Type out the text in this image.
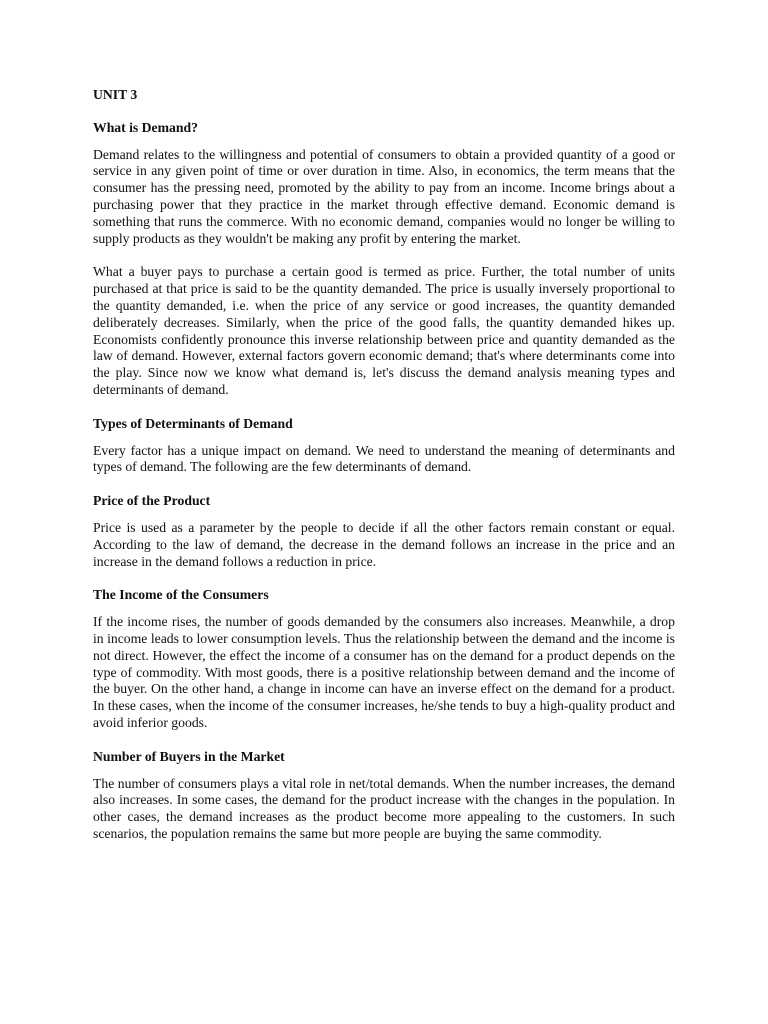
UNIT 3
What is Demand?

Demand relates to the willingness and potential of consumers to obtain a provided quantity of a good or service in any given point of time or over duration in time. Also, in economics, the term means that the consumer has the pressing need, promoted by the ability to pay from an income. Income brings about a purchasing power that they practice in the market through effective demand. Economic demand is something that runs the commerce. With no economic demand, companies would no longer be willing to supply products as they wouldn't be making any profit by entering the market.

What a buyer pays to purchase a certain good is termed as price. Further, the total number of units purchased at that price is said to be the quantity demanded. The price is usually inversely proportional to the quantity demanded, i.e. when the price of any service or good increases, the quantity demanded deliberately decreases. Similarly, when the price of the good falls, the quantity demanded hikes up. Economists confidently pronounce this inverse relationship between price and quantity demanded as the law of demand. However, external factors govern economic demand; that's where determinants come into the play. Since now we know what demand is, let's discuss the demand analysis meaning types and determinants of demand.

Types of Determinants of Demand

Every factor has a unique impact on demand. We need to understand the meaning of determinants and types of demand. The following are the few determinants of demand.

Price of the Product

Price is used as a parameter by the people to decide if all the other factors remain constant or equal. According to the law of demand, the decrease in the demand follows an increase in the price and an increase in the demand follows a reduction in price.

The Income of the Consumers

If the income rises, the number of goods demanded by the consumers also increases. Meanwhile, a drop in income leads to lower consumption levels. Thus the relationship between the demand and the income is not direct. However, the effect the income of a consumer has on the demand for a product depends on the type of commodity. With most goods, there is a positive relationship between demand and the income of the buyer. On the other hand, a change in income can have an inverse effect on the demand for a product. In these cases, when the income of the consumer increases, he/she tends to buy a high-quality product and avoid inferior goods.

Number of Buyers in the Market

The number of consumers plays a vital role in net/total demands. When the number increases, the demand also increases. In some cases, the demand for the product increase with the changes in the population. In other cases, the demand increases as the product become more appealing to the customers. In such scenarios, the population remains the same but more people are buying the same commodity.
